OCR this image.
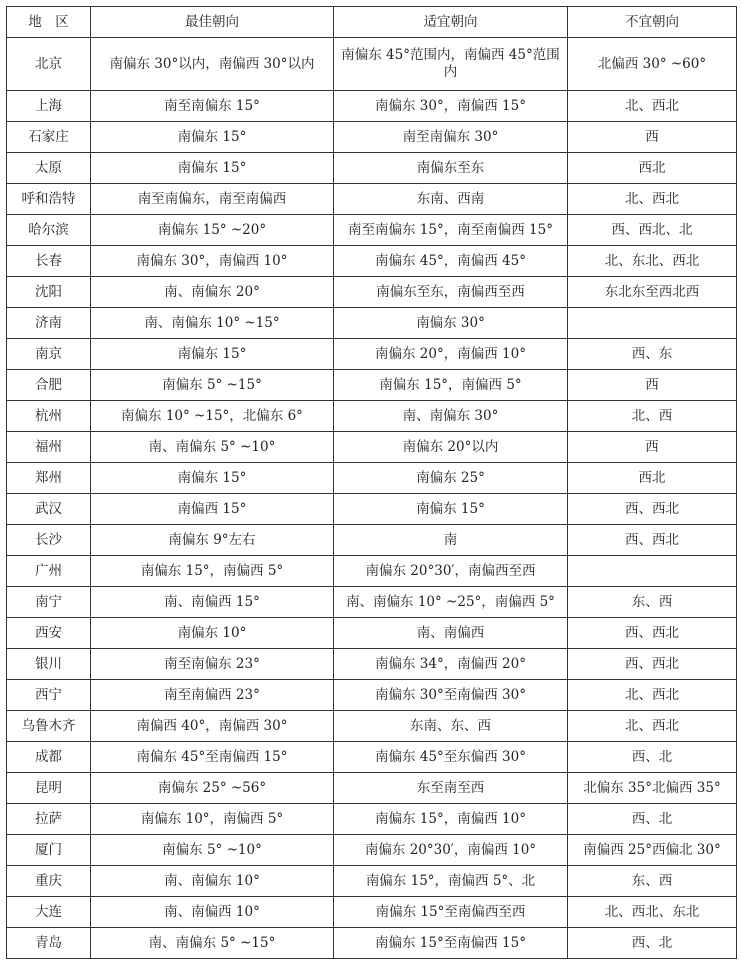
地　区	最佳朝向	适宜朝向	不宜朝向
北京	南偏东 30°以内，南偏西 30°以内	南偏东 45°范围内，南偏西 45°范围内	北偏西 30° ~60°
上海	南至南偏东 15°	南偏东 30°，南偏西 15°	北、西北
石家庄	南偏东 15°	南至南偏东 30°	西
太原	南偏东 15°	南偏东至东	西北
呼和浩特	南至南偏东，南至南偏西	东南、西南	北、西北
哈尔滨	南偏东 15° ~20°	南至南偏东 15°，南至南偏西 15°	西、西北、北
长春	南偏东 30°，南偏西 10°	南偏东 45°，南偏西 45°	北、东北、西北
沈阳	南、南偏东 20°	南偏东至东，南偏西至西	东北东至西北西
济南	南、南偏东 10° ~15°	南偏东 30°	
南京	南偏东 15°	南偏东 20°，南偏西 10°	西、东
合肥	南偏东 5° ~15°	南偏东 15°，南偏西 5°	西
杭州	南偏东 10° ~15°，北偏东 6°	南、南偏东 30°	北、西
福州	南、南偏东 5° ~10°	南偏东 20°以内	西
郑州	南偏东 15°	南偏东 25°	西北
武汉	南偏西 15°	南偏东 15°	西、西北
长沙	南偏东 9°左右	南	西、西北
广州	南偏东 15°，南偏西 5°	南偏东 20°30′，南偏西至西	
南宁	南、南偏西 15°	南、南偏东 10° ~25°，南偏西 5°	东、西
西安	南偏东 10°	南、南偏西	西、西北
银川	南至南偏东 23°	南偏东 34°，南偏西 20°	西、西北
西宁	南至南偏西 23°	南偏东 30°至南偏西 30°	北、西北
乌鲁木齐	南偏西 40°，南偏西 30°	东南、东、西	北、西北
成都	南偏东 45°至南偏西 15°	南偏东 45°至东偏西 30°	西、北
昆明	南偏东 25° ~56°	东至南至西	北偏东 35°北偏西 35°
拉萨	南偏东 10°，南偏西 5°	南偏东 15°，南偏西 10°	西、北
厦门	南偏东 5° ~10°	南偏东 20°30′，南偏西 10°	南偏西 25°西偏北 30°
重庆	南、南偏东 10°	南偏东 15°，南偏西 5°、北	东、西
大连	南、南偏西 10°	南偏东 15°至南偏西至西	北、西北、东北
青岛	南、南偏东 5° ~15°	南偏东 15°至南偏西 15°	西、北
